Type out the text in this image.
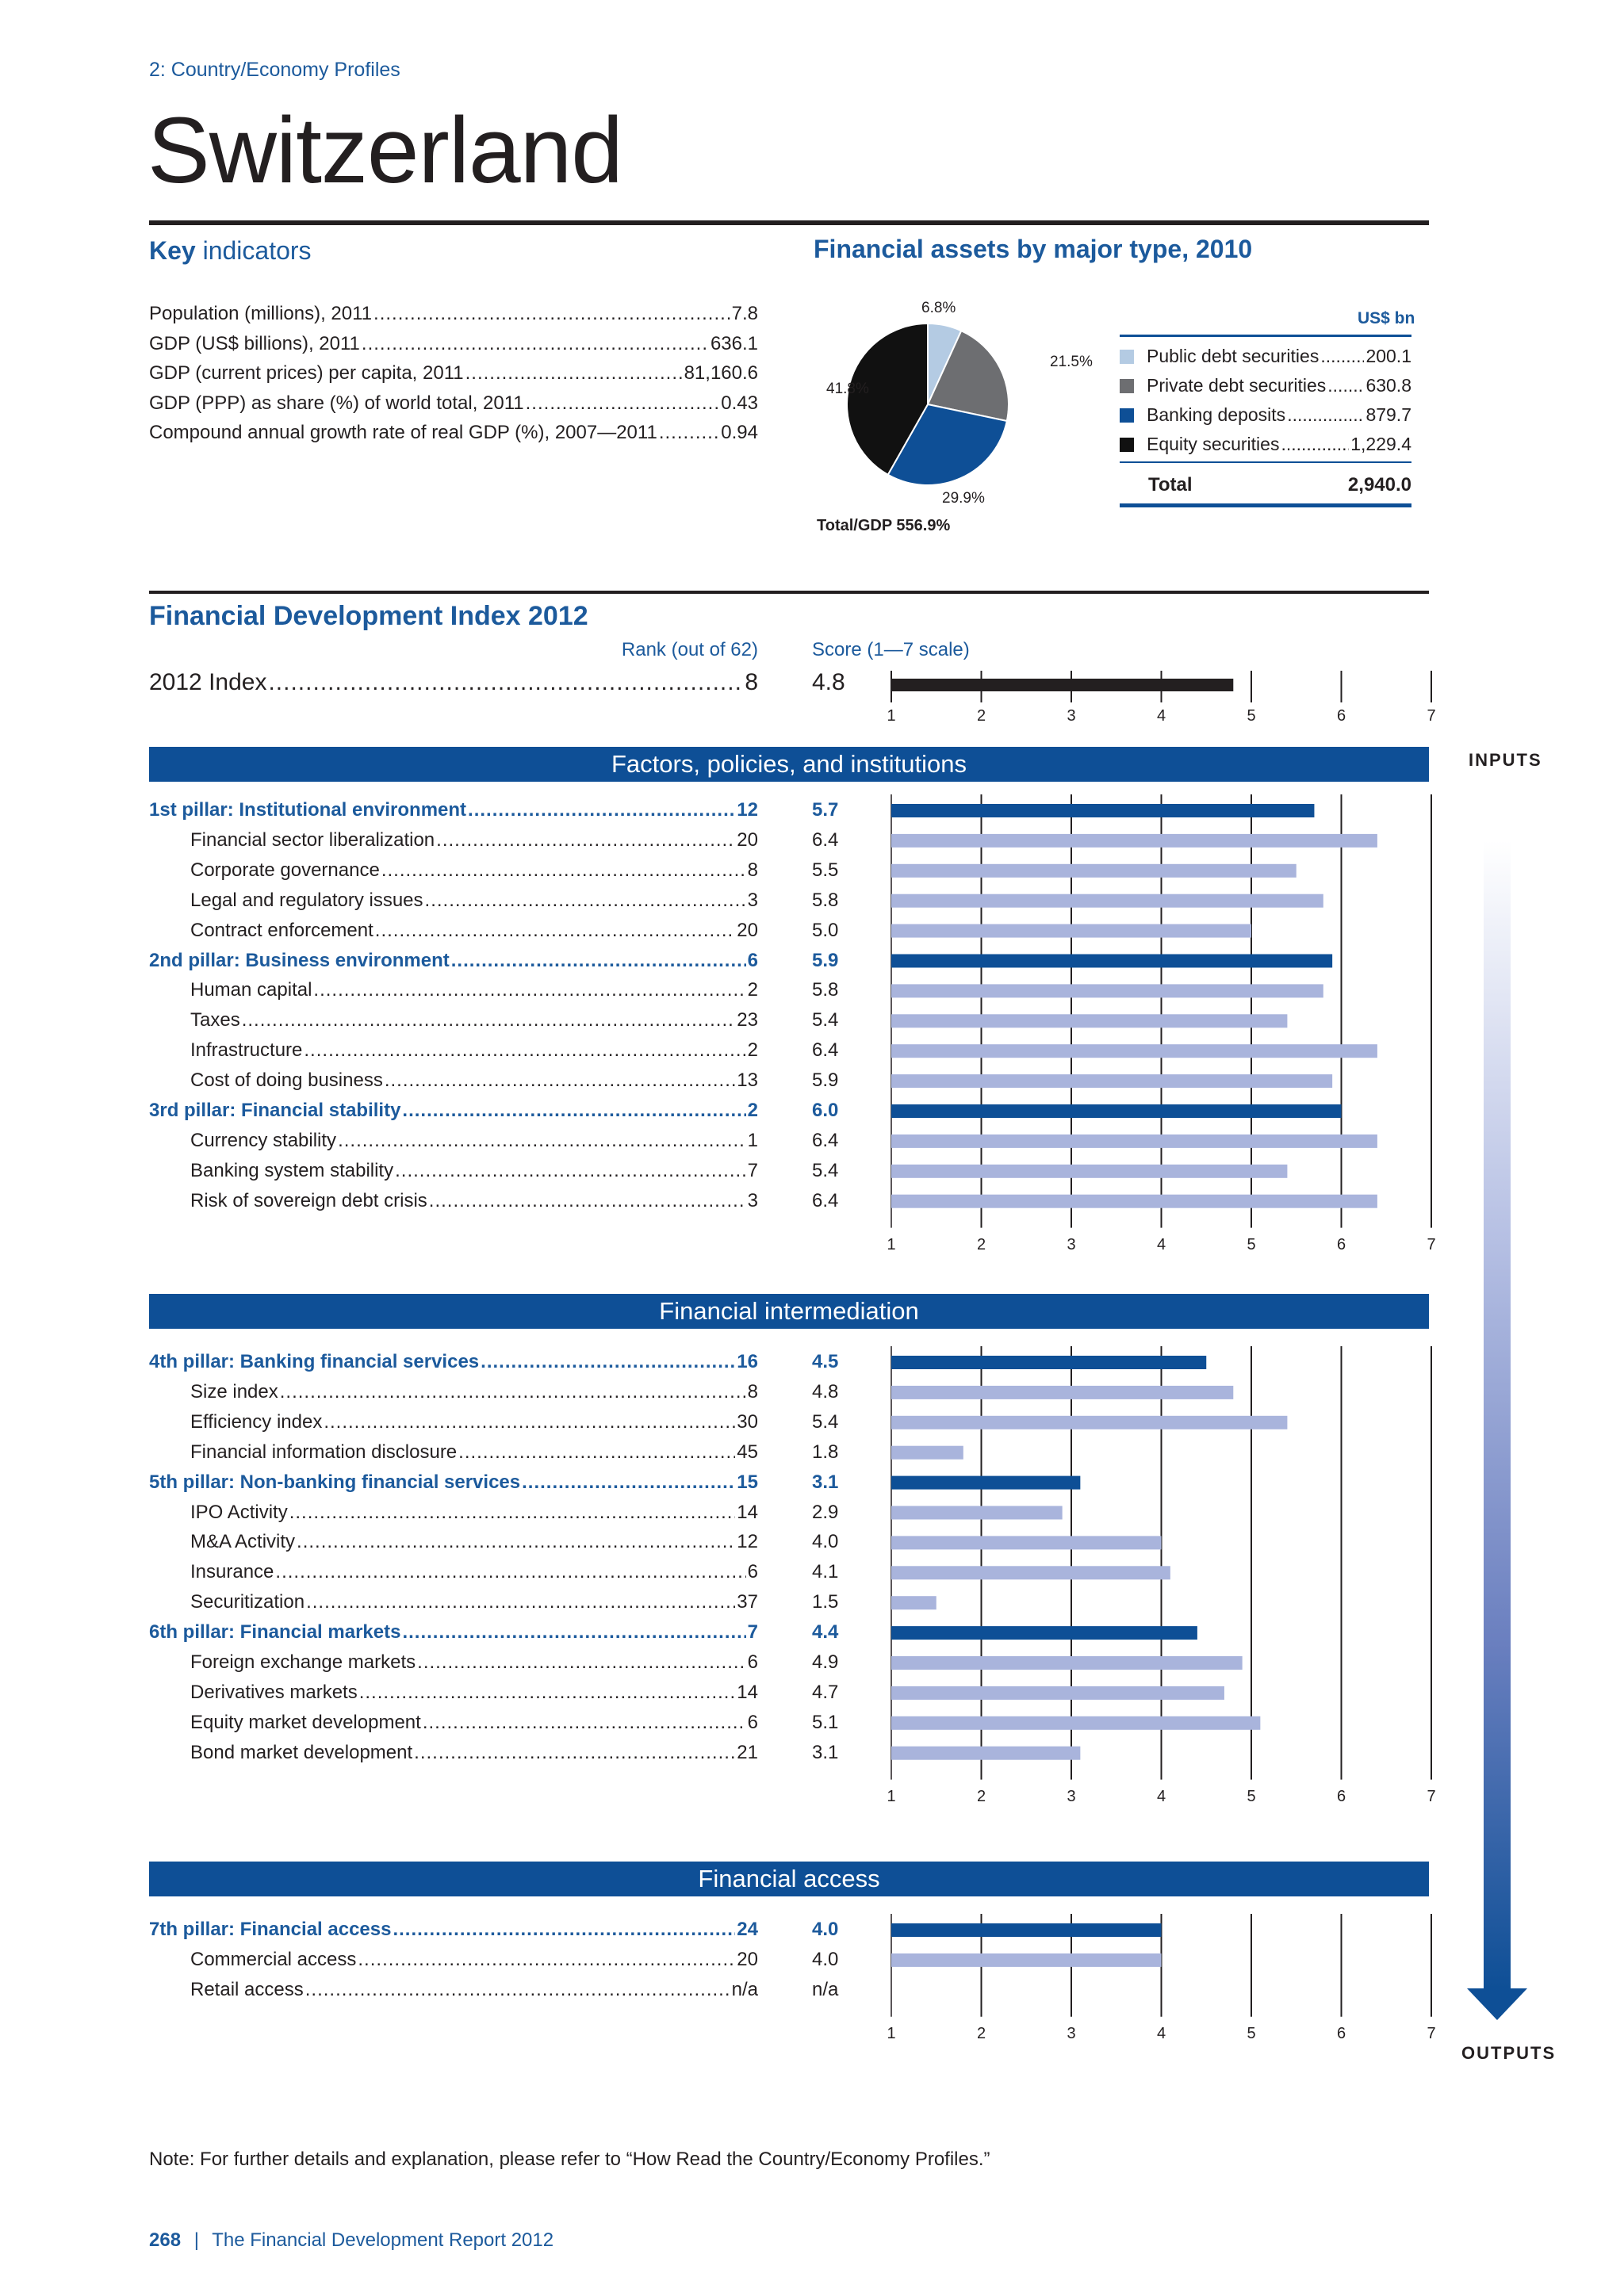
2: Country/Economy Profiles
Switzerland
Key indicators
Population (millions), 2011 .....	7.8
GDP (US$ billions), 2011 .....	636.1
GDP (current prices) per capita, 2011 .....	81,160.6
GDP (PPP) as share (%) of world total, 2011 .....	0.43
Compound annual growth rate of real GDP (%), 2007—2011 .....	0.94
Financial assets by major type, 2010
6.8%
21.5%
29.9%
41.8%
Total/GDP 556.9%
US$ bn
Public debt securities .....	200.1
Private debt securities ..... 630.8
Banking deposits .....	879.7
Equity securities .....	1,229.4
Total	2,940.0
Financial Development Index 2012
Rank (out of 62)	Score (1—7 scale)
2012 Index .....	8 4.8
INPUTS
OUTPUTS
1	2	3	4	5	6	7
Factors, policies, and institutions
1st pillar: Institutional environment .....	12	5.7
Financial sector liberalization .....	20	6.4
Corporate governance .....	8	5.5
Legal and regulatory issues .....	3	5.8
Contract enforcement .....	20	5.0
2nd pillar: Business environment .....	6	5.9
Human capital .....	2	5.8
Taxes .....	23	5.4
Infrastructure .....	2	6.4
Cost of doing business .....	13	5.9
3rd pillar: Financial stability .....	2	6.0
Currency stability .....	1	6.4
Banking system stability .....	7	5.4
Risk of sovereign debt crisis .....	3	6.4
1	2	3	4	5	6	7
Financial intermediation
4th pillar: Banking financial services .....	16	4.5
Size index .....	8	4.8
Efficiency index .....	30	5.4
Financial information disclosure .....	45	1.8
5th pillar: Non-banking financial services .....	15	3.1
IPO Activity .....	14	2.9
M&A Activity .....	12	4.0
Insurance .....	6	4.1
Securitization .....	37	1.5
6th pillar: Financial markets .....	7	4.4
Foreign exchange markets .....	6	4.9
Derivatives markets .....	14	4.7
Equity market development .....	6	5.1
Bond market development .....	21	3.1
1	2	3	4	5	6	7
Financial access
7th pillar: Financial access .....	24	4.0
Commercial access .....	20	4.0
Retail access .....	n/a	n/a
1	2	3	4	5	6	7
Note: For further details and explanation, please refer to “How Read the Country/Economy Profiles.”
268 | The Financial Development Report 2012
